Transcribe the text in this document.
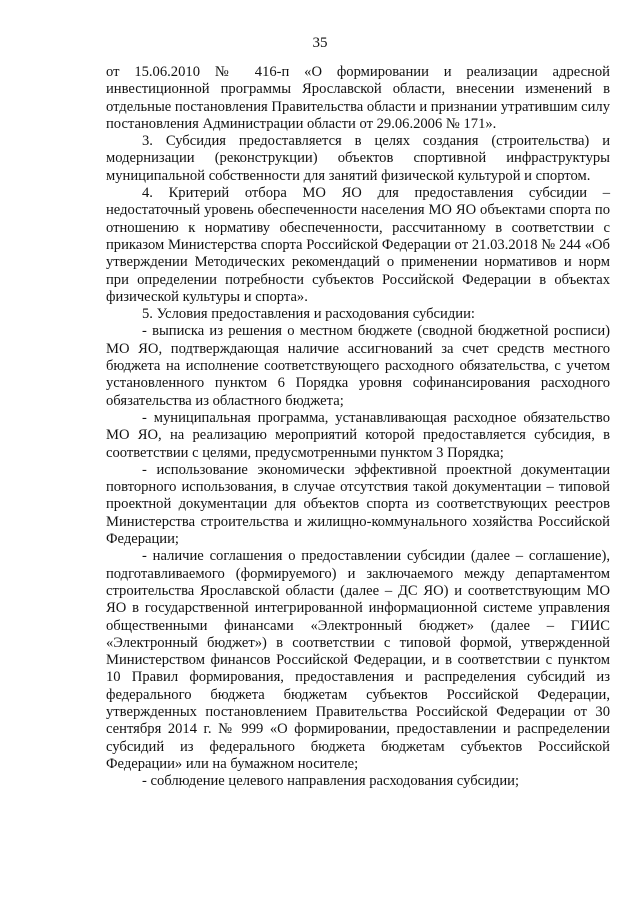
35

от 15.06.2010 № 416-п «О формировании и реализации адресной инвестиционной программы Ярославской области, внесении изменений в отдельные постановления Правительства области и признании утратившим силу постановления Администрации области от 29.06.2006 № 171».

3. Субсидия предоставляется в целях создания (строительства) и модернизации (реконструкции) объектов спортивной инфраструктуры муниципальной собственности для занятий физической культурой и спортом.

4. Критерий отбора МО ЯО для предоставления субсидии – недостаточный уровень обеспеченности населения МО ЯО объектами спорта по отношению к нормативу обеспеченности, рассчитанному в соответствии с приказом Министерства спорта Российской Федерации от 21.03.2018 № 244 «Об утверждении Методических рекомендаций о применении нормативов и норм при определении потребности субъектов Российской Федерации в объектах физической культуры и спорта».

5. Условия предоставления и расходования субсидии:

- выписка из решения о местном бюджете (сводной бюджетной росписи) МО ЯО, подтверждающая наличие ассигнований за счет средств местного бюджета на исполнение соответствующего расходного обязательства, с учетом установленного пунктом 6 Порядка уровня софинансирования расходного обязательства из областного бюджета;

- муниципальная программа, устанавливающая расходное обязательство МО ЯО, на реализацию мероприятий которой предоставляется субсидия, в соответствии с целями, предусмотренными пунктом 3 Порядка;

- использование экономически эффективной проектной документации повторного использования, в случае отсутствия такой документации – типовой проектной документации для объектов спорта из соответствующих реестров Министерства строительства и жилищно-коммунального хозяйства Российской Федерации;

- наличие соглашения о предоставлении субсидии (далее – соглашение), подготавливаемого (формируемого) и заключаемого между департаментом строительства Ярославской области (далее – ДС ЯО) и соответствующим МО ЯО в государственной интегрированной информационной системе управления общественными финансами «Электронный бюджет» (далее – ГИИС «Электронный бюджет») в соответствии с типовой формой, утвержденной Министерством финансов Российской Федерации, и в соответствии с пунктом 10 Правил формирования, предоставления и распределения субсидий из федерального бюджета бюджетам субъектов Российской Федерации, утвержденных постановлением Правительства Российской Федерации от 30 сентября 2014 г. № 999 «О формировании, предоставлении и распределении субсидий из федерального бюджета бюджетам субъектов Российской Федерации» или на бумажном носителе;

- соблюдение целевого направления расходования субсидии;
